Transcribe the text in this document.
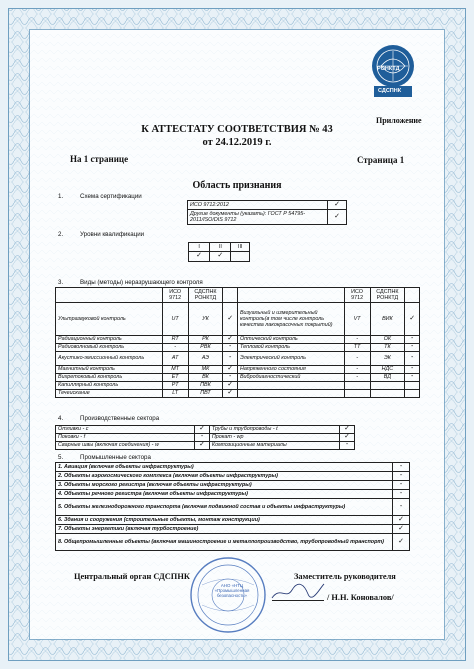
РОНКТД
СДСПНК
Приложение
К АТТЕСТАТУ СООТВЕТСТВИЯ № 43
от 24.12.2019 г.
На 1 странице	Страница 1
Область признания
1.	Схема сертификации
ИСО 9712:2012	✓
Другие документы (указать): ГОСТ Р 54795-2011/ISO/DIS 9712	✓
2.	Уровни квалификации
I	II	III
✓	✓	
3.	Виды (методы) неразрушающего контроля
	ИСО 9712	СДСПНК РОНКТД			ИСО 9712	СДСПНК РОНКТД	
Ультразвуковой контроль	UT	УК	✓	Визуальный и измерительный контроль(в том числе контроль качества лакокрасочных покрытий)	VT	ВИК	✓
Радиационный контроль	RT	РК	✓	Оптический контроль	-	ОК	-
Радиоволновый контроль	-	РВК	-	Тепловой контроль	TT	ТК	-
Акустико-эмиссионный контроль	AT	АЭ	-	Электрический контроль	-	ЭК	-
Магнитный контроль	MT	МК	✓	Напряженного состояния	-	НДС	-
Вихретоковый контроль	ET	ВК	-	Вибродиагностический	-	ВД	-
Капиллярный контроль	PT	ПВК	✓				
Течеискание	LT	ПВТ	✓				
4.	Производственные сектора
Отливки - c	✓	Трубы и трубопроводы - t	✓
Поковки - f	-	Прокат - wp	✓
Сварные швы (включая соединения) - w	✓	Композиционные материалы	-
5.	Промышленные сектора
1. Авиация (включая объекты инфраструктуры)	-
2. Объекты аэрокосмического комплекса (включая объекты инфраструктуры)	-
3. Объекты морского регистра (включая объекты инфраструктуры)	-
4. Объекты речного регистра (включая объекты инфраструктуры)	-
5. Объекты железнодорожного транспорта (включая подвижной состав и объекты инфраструктуры)	-
6. Здания и сооружения (строительные объекты, монтаж конструкции)	✓
7. Объекты энергетики (включая турбостроение)	✓
8. Общепромышленные объекты (включая машиностроение и металлопроизводство, трубопроводный транспорт)	✓
АНО «НТЦ «Промышленная безопасность»
Центральный орган СДСПНК	Заместитель руководителя
/ Н.Н. Коновалов/
